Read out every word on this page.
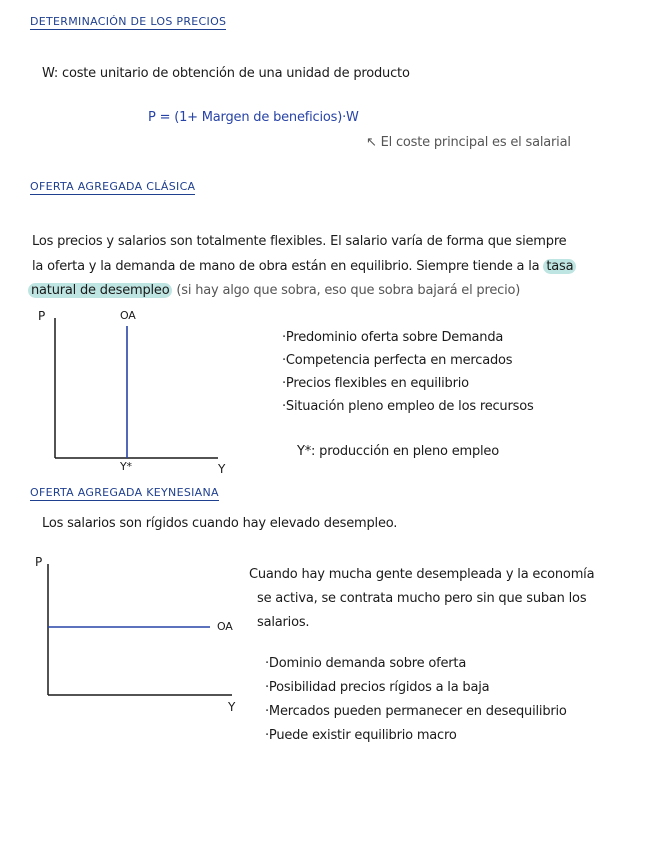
DETERMINACIÓN DE LOS PRECIOS
W: coste unitario de obtención de una unidad de producto
P = (1+ Margen de beneficios)·W
↖ El coste principal es el salarial
OFERTA AGREGADA CLÁSICA
Los precios y salarios son totalmente flexibles. El salario varía de forma que siempre
la oferta y la demanda de mano de obra están en equilibrio. Siempre tiende a la tasa
natural de desempleo (si hay algo que sobra, eso que sobra bajará el precio)
P	OA
Y*	Y
·Predominio oferta sobre Demanda
·Competencia perfecta en mercados
·Precios flexibles en equilibrio
·Situación pleno empleo de los recursos
Y*: producción en pleno empleo
OFERTA AGREGADA KEYNESIANA
Los salarios son rígidos cuando hay elevado desempleo.
P
OA
Y
Cuando hay mucha gente desempleada y la economía
se activa, se contrata mucho pero sin que suban los
salarios.
·Dominio demanda sobre oferta
·Posibilidad precios rígidos a la baja
·Mercados pueden permanecer en desequilibrio
·Puede existir equilibrio macro
